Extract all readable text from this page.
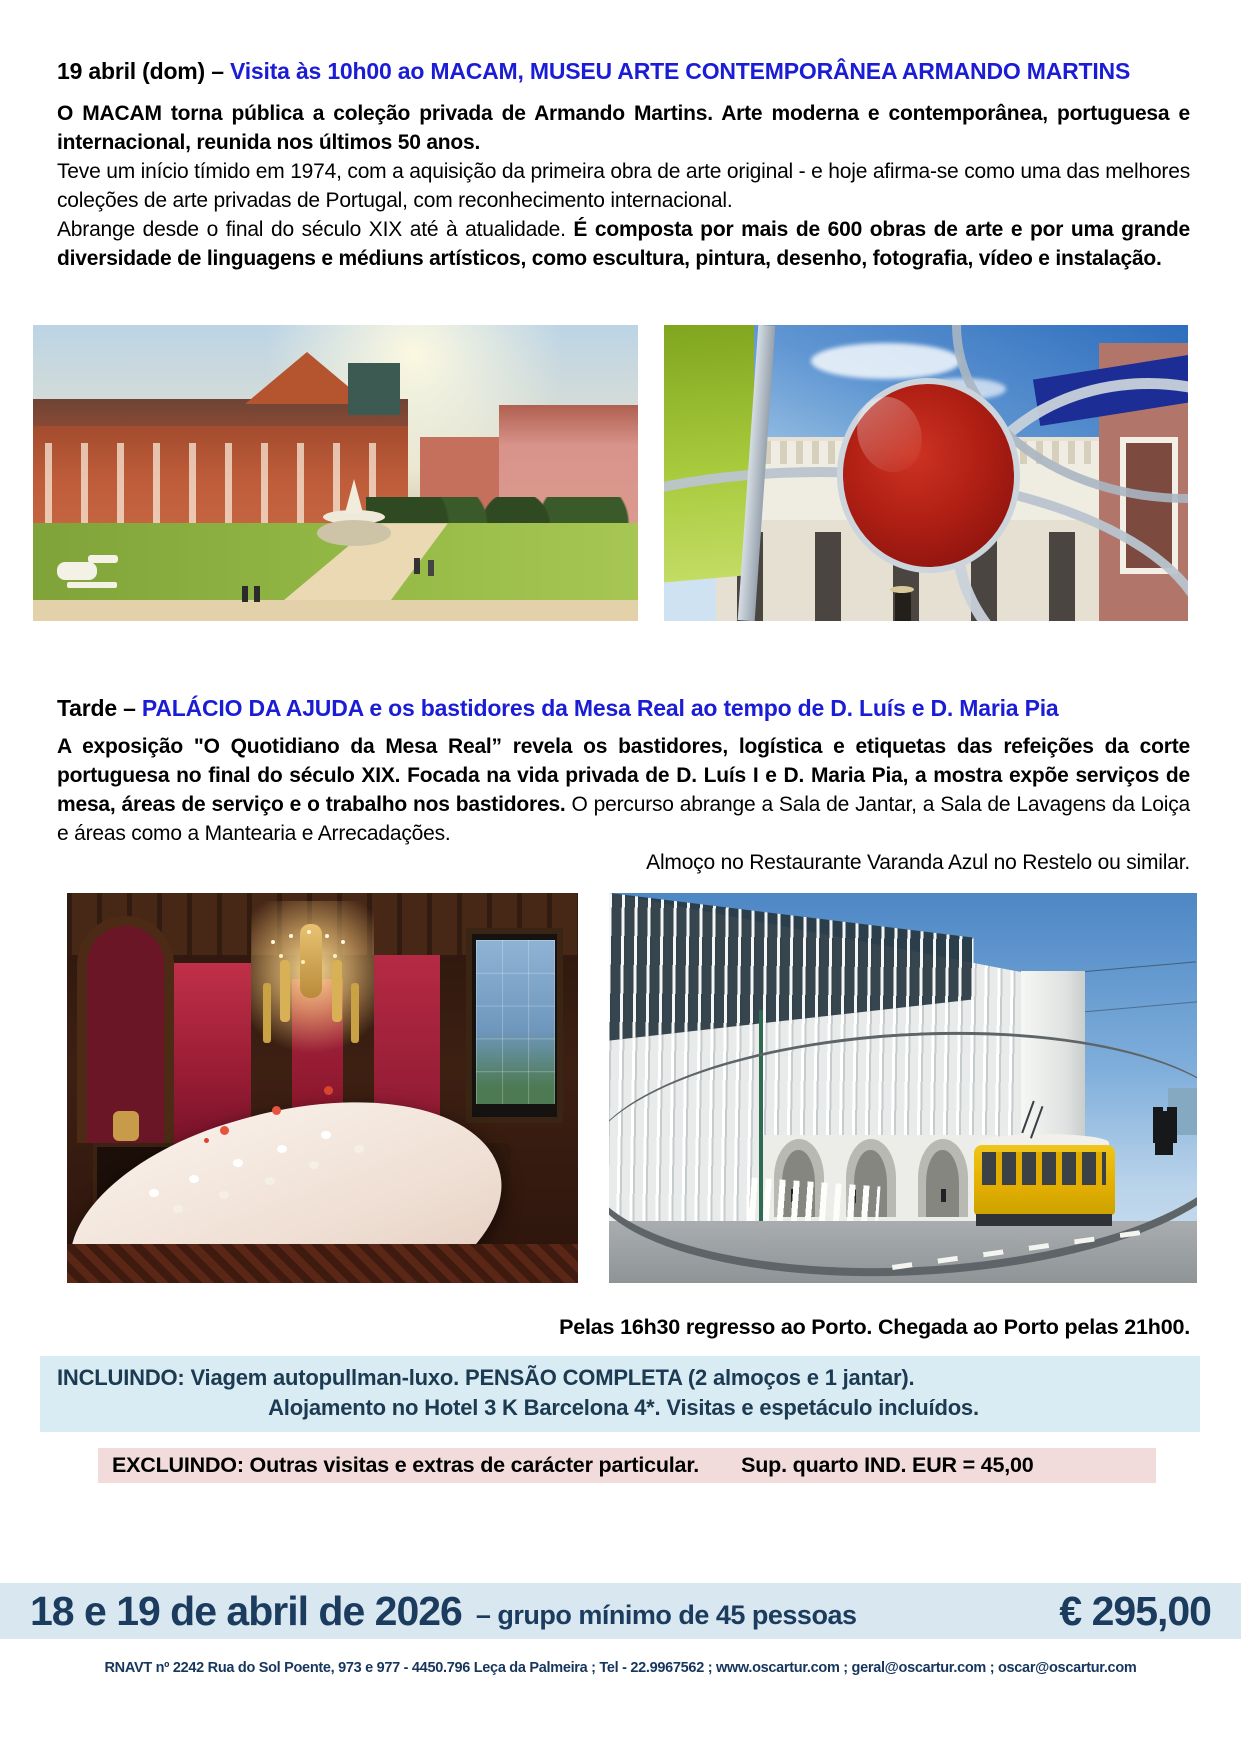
19 abril (dom) – Visita às 10h00 ao MACAM, MUSEU ARTE CONTEMPORÂNEA ARMANDO MARTINS

O MACAM torna pública a coleção privada de Armando Martins. Arte moderna e contemporânea, portuguesa e internacional, reunida nos últimos 50 anos.

Teve um início tímido em 1974, com a aquisição da primeira obra de arte original - e hoje afirma-se como uma das melhores coleções de arte privadas de Portugal, com reconhecimento internacional.

Abrange desde o final do século XIX até à atualidade. É composta por mais de 600 obras de arte e por uma grande diversidade de linguagens e médiuns artísticos, como escultura, pintura, desenho, fotografia, vídeo e instalação.

Tarde – PALÁCIO DA AJUDA e os bastidores da Mesa Real ao tempo de D. Luís e D. Maria Pia

A exposição "O Quotidiano da Mesa Real” revela os bastidores, logística e etiquetas das refeições da corte portuguesa no final do século XIX. Focada na vida privada de D. Luís I e D. Maria Pia, a mostra expõe serviços de mesa, áreas de serviço e o trabalho nos bastidores. O percurso abrange a Sala de Jantar, a Sala de Lavagens da Loiça e áreas como a Mantearia e Arrecadações.

Almoço no Restaurante Varanda Azul no Restelo ou similar.

Pelas 16h30 regresso ao Porto. Chegada ao Porto pelas 21h00.

INCLUINDO: Viagem autopullman-luxo. PENSÃO COMPLETA (2 almoços e 1 jantar).
Alojamento no Hotel 3 K Barcelona 4*. Visitas e espetáculo incluídos.
EXCLUINDO: Outras visitas e extras de carácter particular. Sup. quarto IND. EUR = 45,00
18 e 19 de abril de 2026 – grupo mínimo de 45 pessoas	€ 295,00
RNAVT nº 2242 Rua do Sol Poente, 973 e 977 - 4450.796 Leça da Palmeira ; Tel - 22.9967562 ; www.oscartur.com ; geral@oscartur.com ; oscar@oscartur.com
